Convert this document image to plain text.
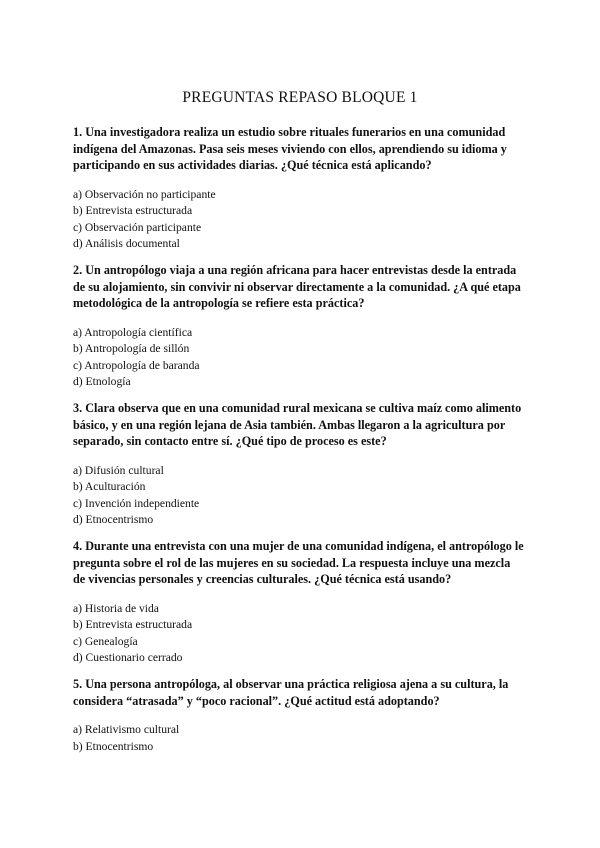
PREGUNTAS REPASO BLOQUE 1

1. Una investigadora realiza un estudio sobre rituales funerarios en una comunidad indígena del Amazonas. Pasa seis meses viviendo con ellos, aprendiendo su idioma y participando en sus actividades diarias. ¿Qué técnica está aplicando?

a) Observación no participante
b) Entrevista estructurada
c) Observación participante
d) Análisis documental

2. Un antropólogo viaja a una región africana para hacer entrevistas desde la entrada de su alojamiento, sin convivir ni observar directamente a la comunidad. ¿A qué etapa metodológica de la antropología se refiere esta práctica?

a) Antropología científica
b) Antropología de sillón
c) Antropología de baranda
d) Etnología

3. Clara observa que en una comunidad rural mexicana se cultiva maíz como alimento básico, y en una región lejana de Asia también. Ambas llegaron a la agricultura por separado, sin contacto entre sí. ¿Qué tipo de proceso es este?

a) Difusión cultural
b) Aculturación
c) Invención independiente
d) Etnocentrismo

4. Durante una entrevista con una mujer de una comunidad indígena, el antropólogo le pregunta sobre el rol de las mujeres en su sociedad. La respuesta incluye una mezcla de vivencias personales y creencias culturales. ¿Qué técnica está usando?

a) Historia de vida
b) Entrevista estructurada
c) Genealogía
d) Cuestionario cerrado

5. Una persona antropóloga, al observar una práctica religiosa ajena a su cultura, la considera “atrasada” y “poco racional”. ¿Qué actitud está adoptando?

a) Relativismo cultural
b) Etnocentrismo
